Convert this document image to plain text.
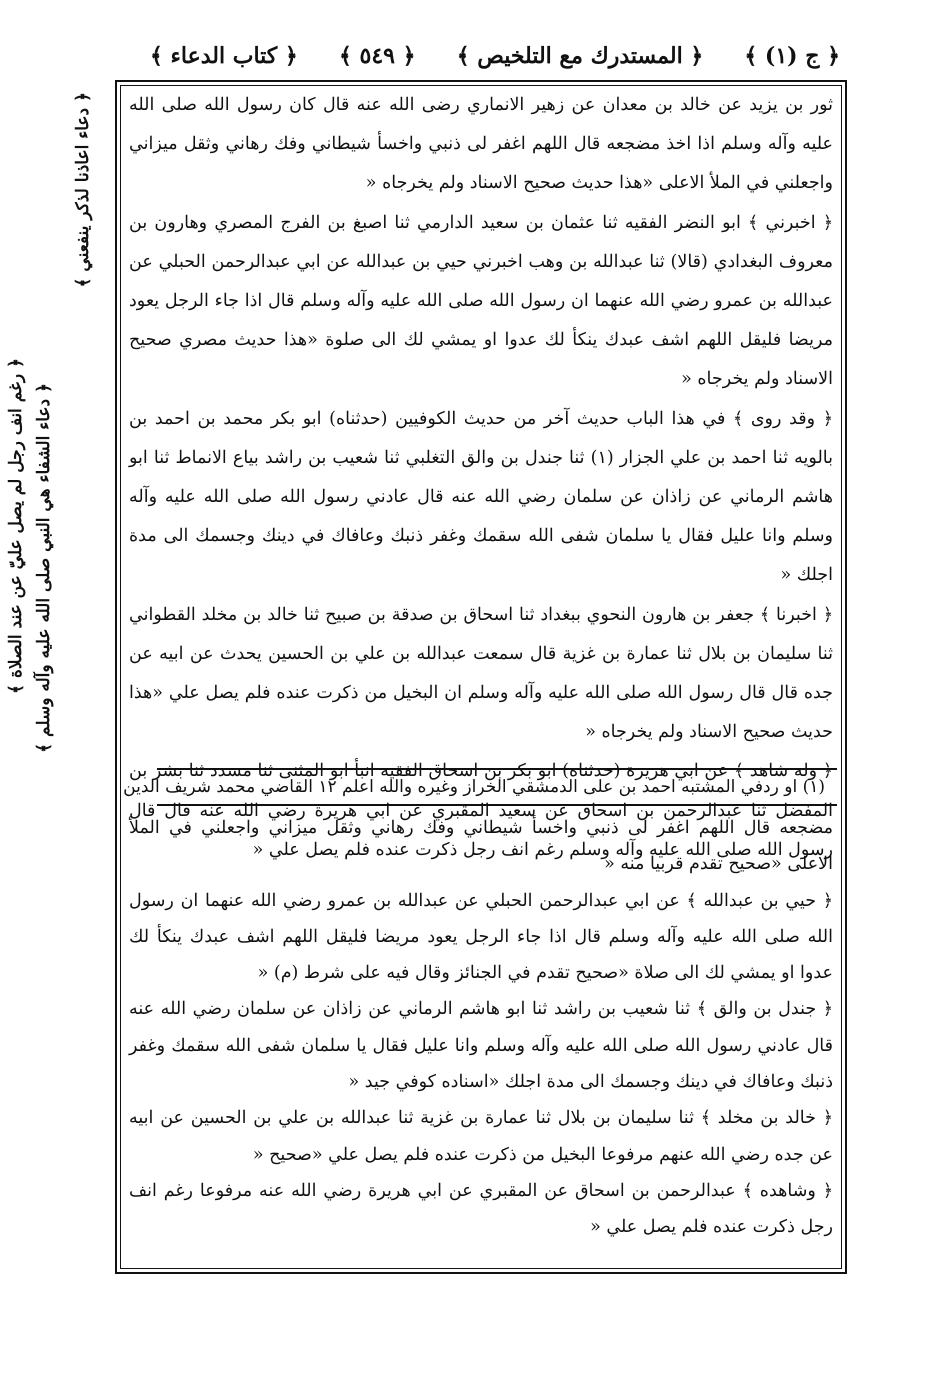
﴿ ج (١) ﴾
﴿ المستدرك مع التلخيص ﴾
﴿ ٥٤٩ ﴾
﴿ كتاب الدعاء ﴾
﴿ دعاء اعاذنا لذكر ينفعني ﴾
﴿ دعاء الشفاء هي النبي صلى الله عليه وآله وسلم ﴾
﴿ رغم انف رجل لم يصل عليّ عن عند الصلاة ﴾

ثور بن يزيد عن خالد بن معدان عن زهير الانماري رضى الله عنه قال كان رسول الله صلى الله عليه وآله وسلم اذا اخذ مضجعه قال اللهم اغفر لى ذنبي واخسأ شيطاني وفك رهاني وثقل ميزاني واجعلني في الملأ الاعلى «هذا حديث صحيح الاسناد ولم يخرجاه «

﴿ اخبرني ﴾ ابو النضر الفقيه ثنا عثمان بن سعيد الدارمي ثنا اصبغ بن الفرج المصري وهارون بن معروف البغدادي (قالا) ثنا عبدالله بن وهب اخبرني حيي بن عبدالله عن ابي عبدالرحمن الحبلي عن عبدالله بن عمرو رضي الله عنهما ان رسول الله صلى الله عليه وآله وسلم قال اذا جاء الرجل يعود مريضا فليقل اللهم اشف عبدك ينكأ لك عدوا او يمشي لك الى صلوة «هذا حديث مصري صحيح الاسناد ولم يخرجاه «

﴿ وقد روى ﴾ في هذا الباب حديث آخر من حديث الكوفيين (حدثناه) ابو بكر محمد بن احمد بن بالويه ثنا احمد بن علي الجزار (١) ثنا جندل بن والق التغلبي ثنا شعيب بن راشد بياع الانماط ثنا ابو هاشم الرماني عن زاذان عن سلمان رضي الله عنه قال عادني رسول الله صلى الله عليه وآله وسلم وانا عليل فقال يا سلمان شفى الله سقمك وغفر ذنبك وعافاك في دينك وجسمك الى مدة اجلك «

﴿ اخبرنا ﴾ جعفر بن هارون النحوي ببغداد ثنا اسحاق بن صدقة بن صبيح ثنا خالد بن مخلد القطواني ثنا سليمان بن بلال ثنا عمارة بن غزية قال سمعت عبدالله بن علي بن الحسين يحدث عن ابيه عن جده قال قال رسول الله صلى الله عليه وآله وسلم ان البخيل من ذكرت عنده فلم يصل علي «هذا حديث صحيح الاسناد ولم يخرجاه «

﴿ وله شاهد ﴾ عن ابي هريرة (حدثناه) ابو بكر بن اسحاق الفقيه انبأ ابو المثنى ثنا مسدد ثنا بشر بن المفضل ثنا عبدالرحمن بن اسحاق عن سعيد المقبري عن ابي هريرة رضي الله عنه قال قال رسول الله صلى الله عليه وآله وسلم رغم انف رجل ذكرت عنده فلم يصل علي «

(١) او ردفي المشتبه احمد بن على الدمشقي الخراز وغيره والله اعلم ١٢ القاضي محمد شريف الدين

مضجعه قال اللهم اغفر لى ذنبي واخسأ شيطاني وفك رهاني وثقل ميزاني واجعلني في الملأ الاعلى «صحيح تقدم قربيا منه «

﴿ حيي بن عبدالله ﴾ عن ابي عبدالرحمن الحبلي عن عبدالله بن عمرو رضي الله عنهما ان رسول الله صلى الله عليه وآله وسلم قال اذا جاء الرجل يعود مريضا فليقل اللهم اشف عبدك ينكأ لك عدوا او يمشي لك الى صلاة «صحيح تقدم في الجنائز وقال فيه على شرط (م) «

﴿ جندل بن والق ﴾ ثنا شعيب بن راشد ثنا ابو هاشم الرماني عن زاذان عن سلمان رضي الله عنه قال عادني رسول الله صلى الله عليه وآله وسلم وانا عليل فقال يا سلمان شفى الله سقمك وغفر ذنبك وعافاك في دينك وجسمك الى مدة اجلك «اسناده كوفي جيد «

﴿ خالد بن مخلد ﴾ ثنا سليمان بن بلال ثنا عمارة بن غزية ثنا عبدالله بن علي بن الحسين عن ابيه عن جده رضي الله عنهم مرفوعا البخيل من ذكرت عنده فلم يصل علي «صحيح «

﴿ وشاهده ﴾ عبدالرحمن بن اسحاق عن المقبري عن ابي هريرة رضي الله عنه مرفوعا رغم انف رجل ذكرت عنده فلم يصل علي «
